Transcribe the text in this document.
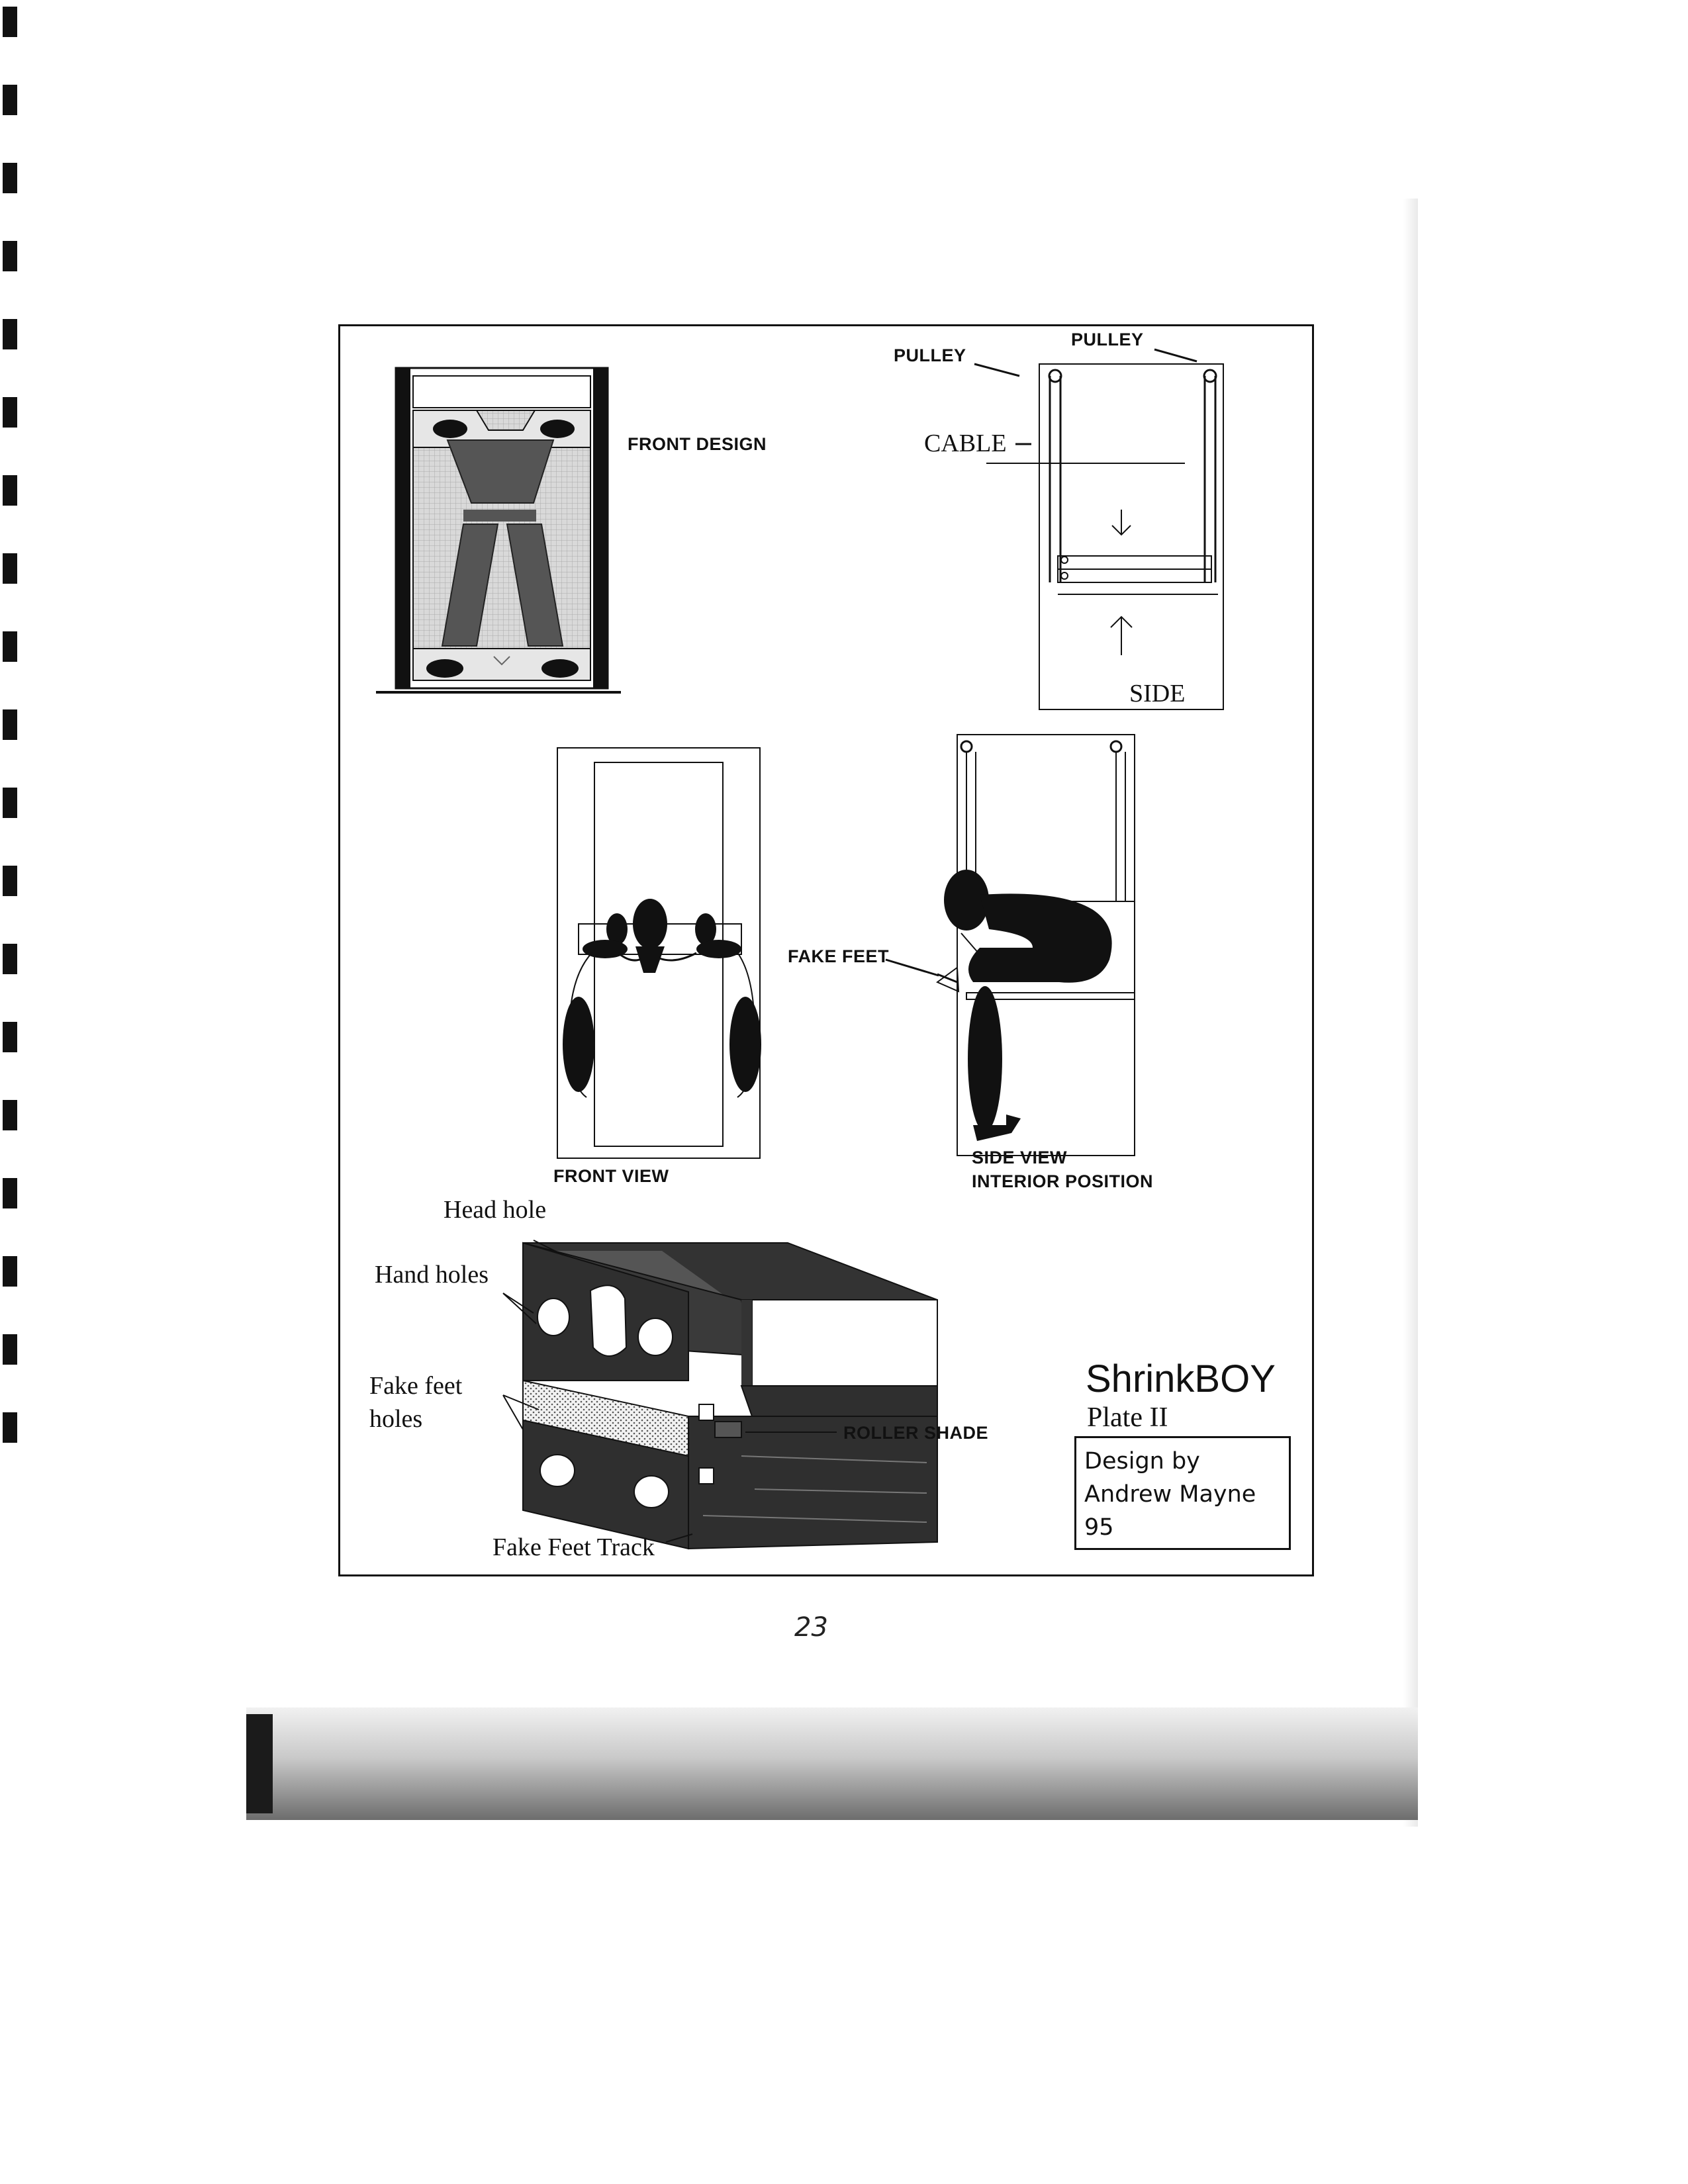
FRONT DESIGN
PULLEY
PULLEY
CABLE
SIDE
FAKE FEET
FRONT VIEW
SIDE VIEW
INTERIOR POSITION
Head hole
Hand holes
Fake feet
holes	ROLLER SHADE
Fake Feet Track
ShrinkBOY
Plate II
Design by
Andrew Mayne
95
23
